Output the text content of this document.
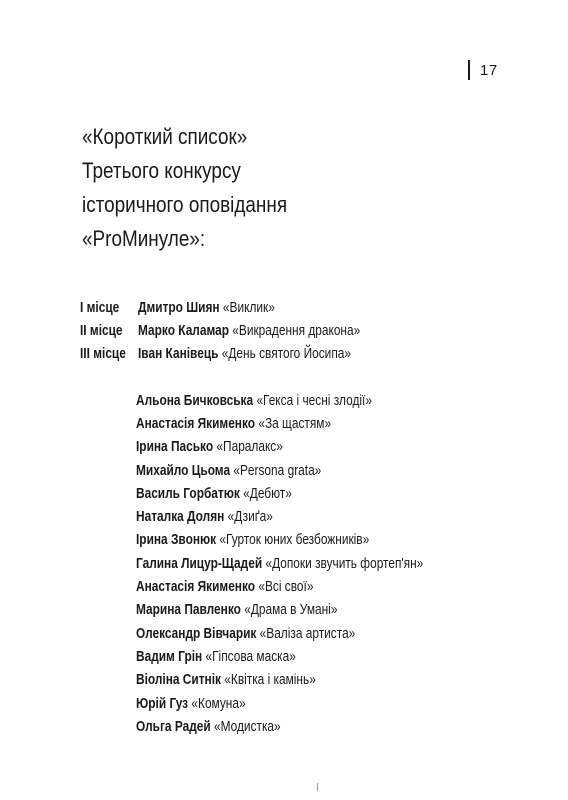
17
«Короткий список»
Третього конкурсу
історичного оповідання
«PrоМинуле»:
І місце	Дмитро Шиян «Виклик»
ІІ місце	Марко Каламар «Викрадення дракона»
ІІІ місце Іван Канівець «День святого Йосипа»
Альона Бичковська
«Гекса і чесні злодії»
Анастасія Якименко
«За щастям»
Ірина Пасько
«Паралакс»
Михайло Цьома
«Persona grata»
Василь Горбатюк
«Дебют»
Наталка Долян
«Дзиґа»
Ірина Звонюк
«Гурток юних безбожників»
Галина Лицур-Щадей
«Допоки звучить фортеп'ян»
Анастасія Якименко
«Всі свої»
Марина Павленко
«Драма в Умані»
Олександр Вівчарик
«Валіза артиста»
Вадим Грін
«Гіпсова маска»
Віоліна Ситнік
«Квітка і камінь»
Юрій Гуз
«Комуна»
Ольга Радей
«Модистка»
